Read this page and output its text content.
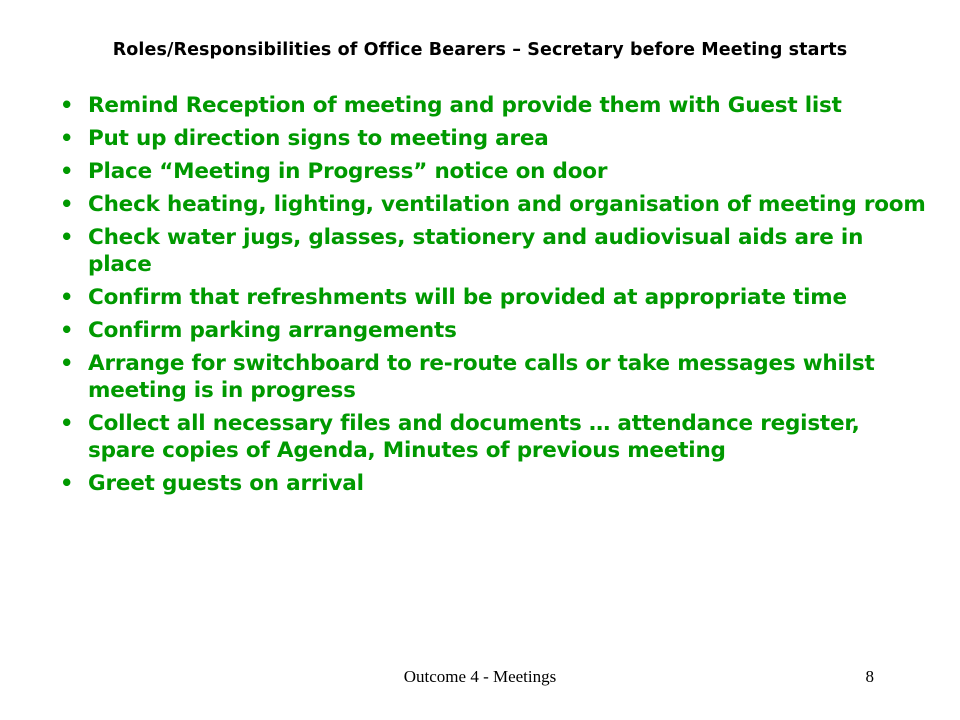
Roles/Responsibilities of Office Bearers – Secretary before Meeting starts
• Remind Reception of meeting and provide them with Guest list
• Put up direction signs to meeting area
• Place “Meeting in Progress” notice on door
• Check heating, lighting, ventilation and organisation of meeting room
• Check water jugs, glasses, stationery and audiovisual aids are in place
• Confirm that refreshments will be provided at appropriate time
• Confirm parking arrangements
• Arrange for switchboard to re-route calls or take messages whilst meeting is in progress
• Collect all necessary files and documents … attendance register, spare copies of Agenda, Minutes of previous meeting
• Greet guests on arrival
Outcome 4 - Meetings	8
